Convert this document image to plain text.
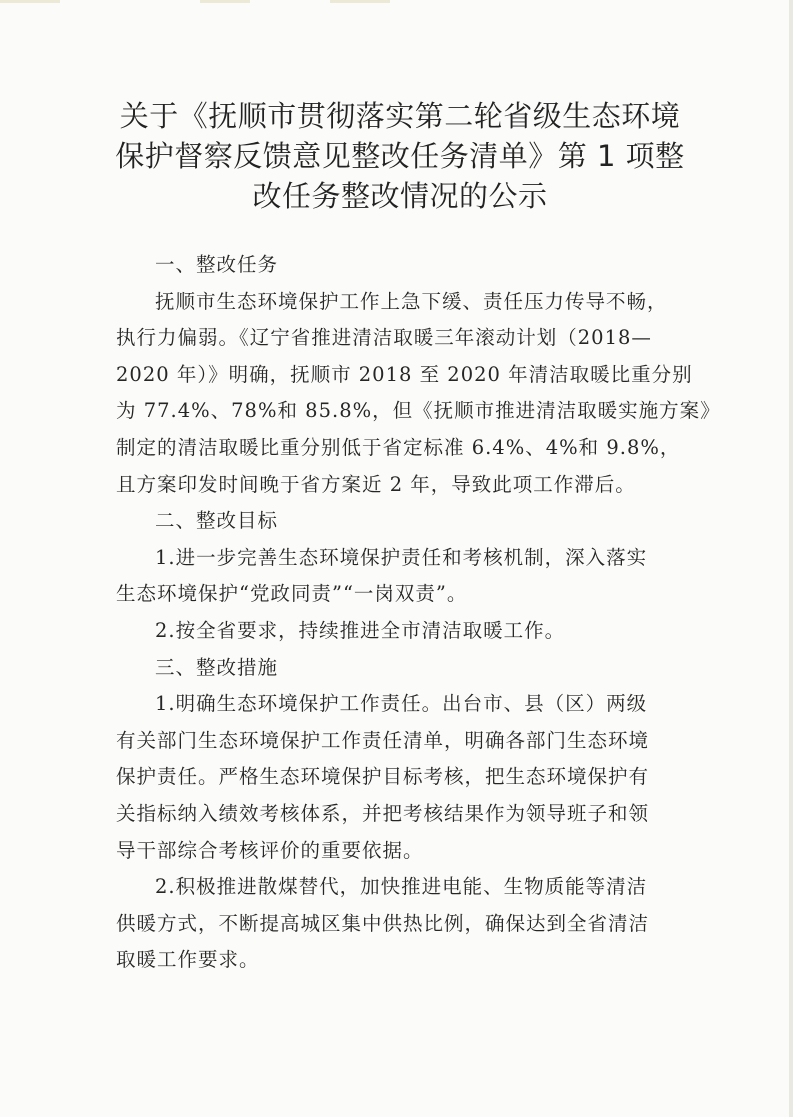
关于《抚顺市贯彻落实第二轮省级生态环境
保护督察反馈意见整改任务清单》第 1 项整
改任务整改情况的公示
一、整改任务
抚顺市生态环境保护工作上急下缓、责任压力传导不畅，
执行力偏弱。《辽宁省推进清洁取暖三年滚动计划（2018—
2020 年）》明确，抚顺市 2018 至 2020 年清洁取暖比重分别
为 77.4%、78%和 85.8%，但《抚顺市推进清洁取暖实施方案》
制定的清洁取暖比重分别低于省定标准 6.4%、4%和 9.8%，
且方案印发时间晚于省方案近 2 年，导致此项工作滞后。
二、整改目标
1.进一步完善生态环境保护责任和考核机制，深入落实
生态环境保护“党政同责”“一岗双责”。
2.按全省要求，持续推进全市清洁取暖工作。
三、整改措施
1.明确生态环境保护工作责任。出台市、县（区）两级
有关部门生态环境保护工作责任清单，明确各部门生态环境
保护责任。严格生态环境保护目标考核，把生态环境保护有
关指标纳入绩效考核体系，并把考核结果作为领导班子和领
导干部综合考核评价的重要依据。
2.积极推进散煤替代，加快推进电能、生物质能等清洁
供暖方式，不断提高城区集中供热比例，确保达到全省清洁
取暖工作要求。
